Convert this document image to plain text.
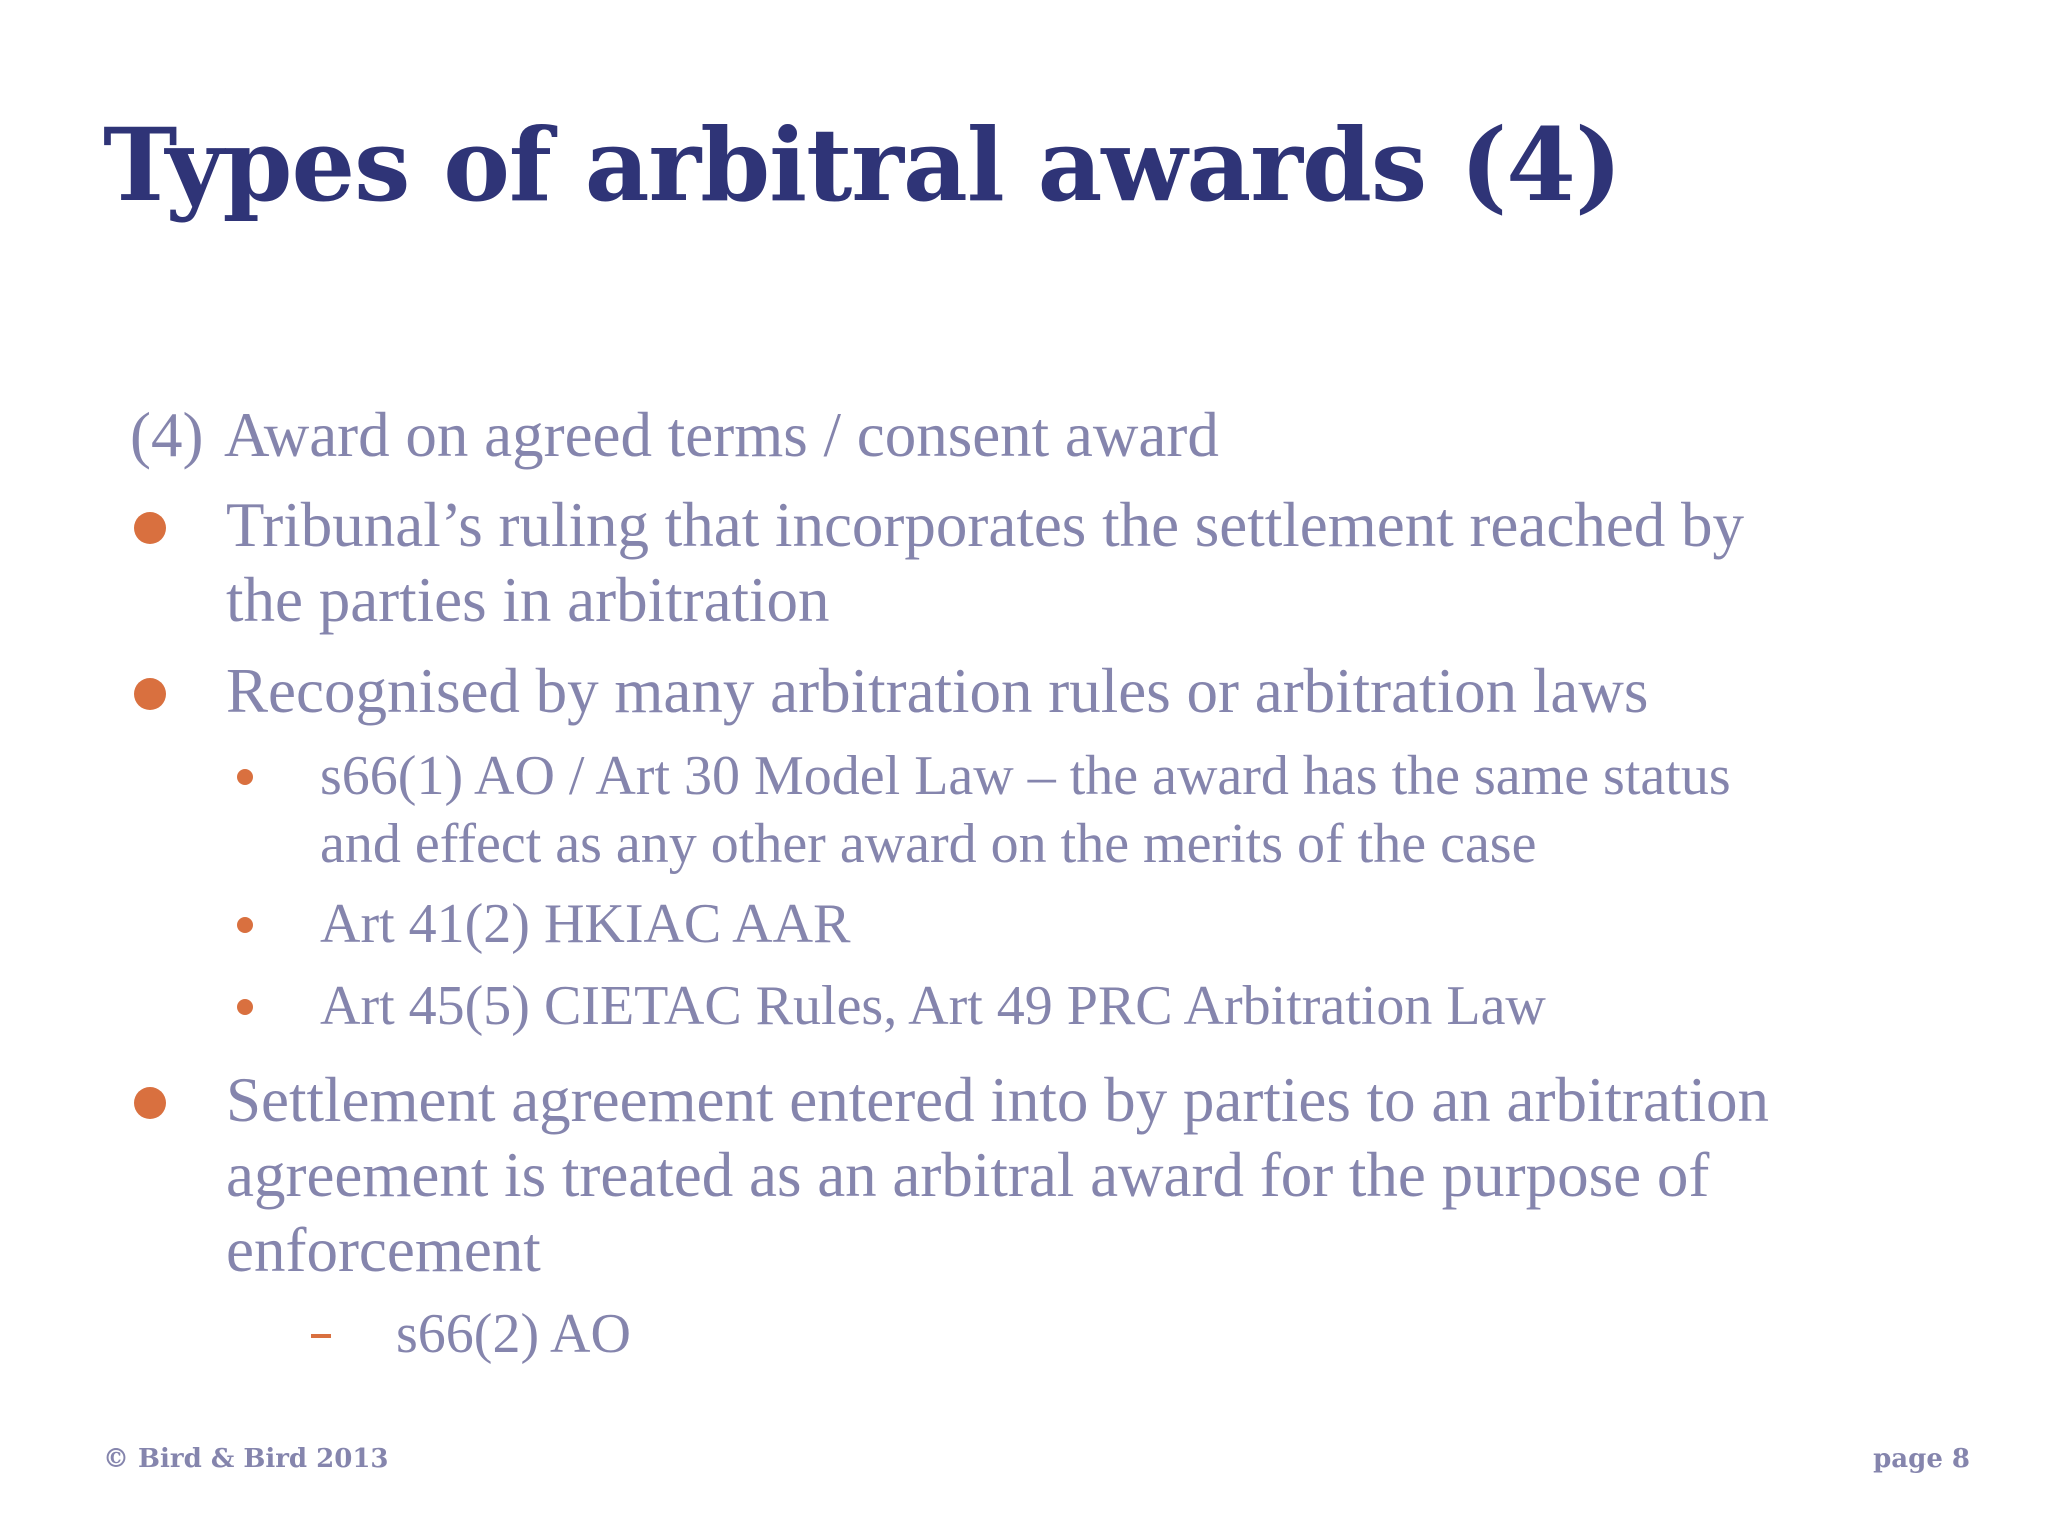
Types of arbitral awards (4)
(4) Award on agreed terms / consent award
Tribunal’s ruling that incorporates the settlement reached by
the parties in arbitration
Recognised by many arbitration rules or arbitration laws
s66(1) AO / Art 30 Model Law – the award has the same status
and effect as any other award on the merits of the case
Art 41(2) HKIAC AAR
Art 45(5) CIETAC Rules, Art 49 PRC Arbitration Law
Settlement agreement entered into by parties to an arbitration
agreement is treated as an arbitral award for the purpose of
enforcement
s66(2) AO
© Bird & Bird 2013	page 8
